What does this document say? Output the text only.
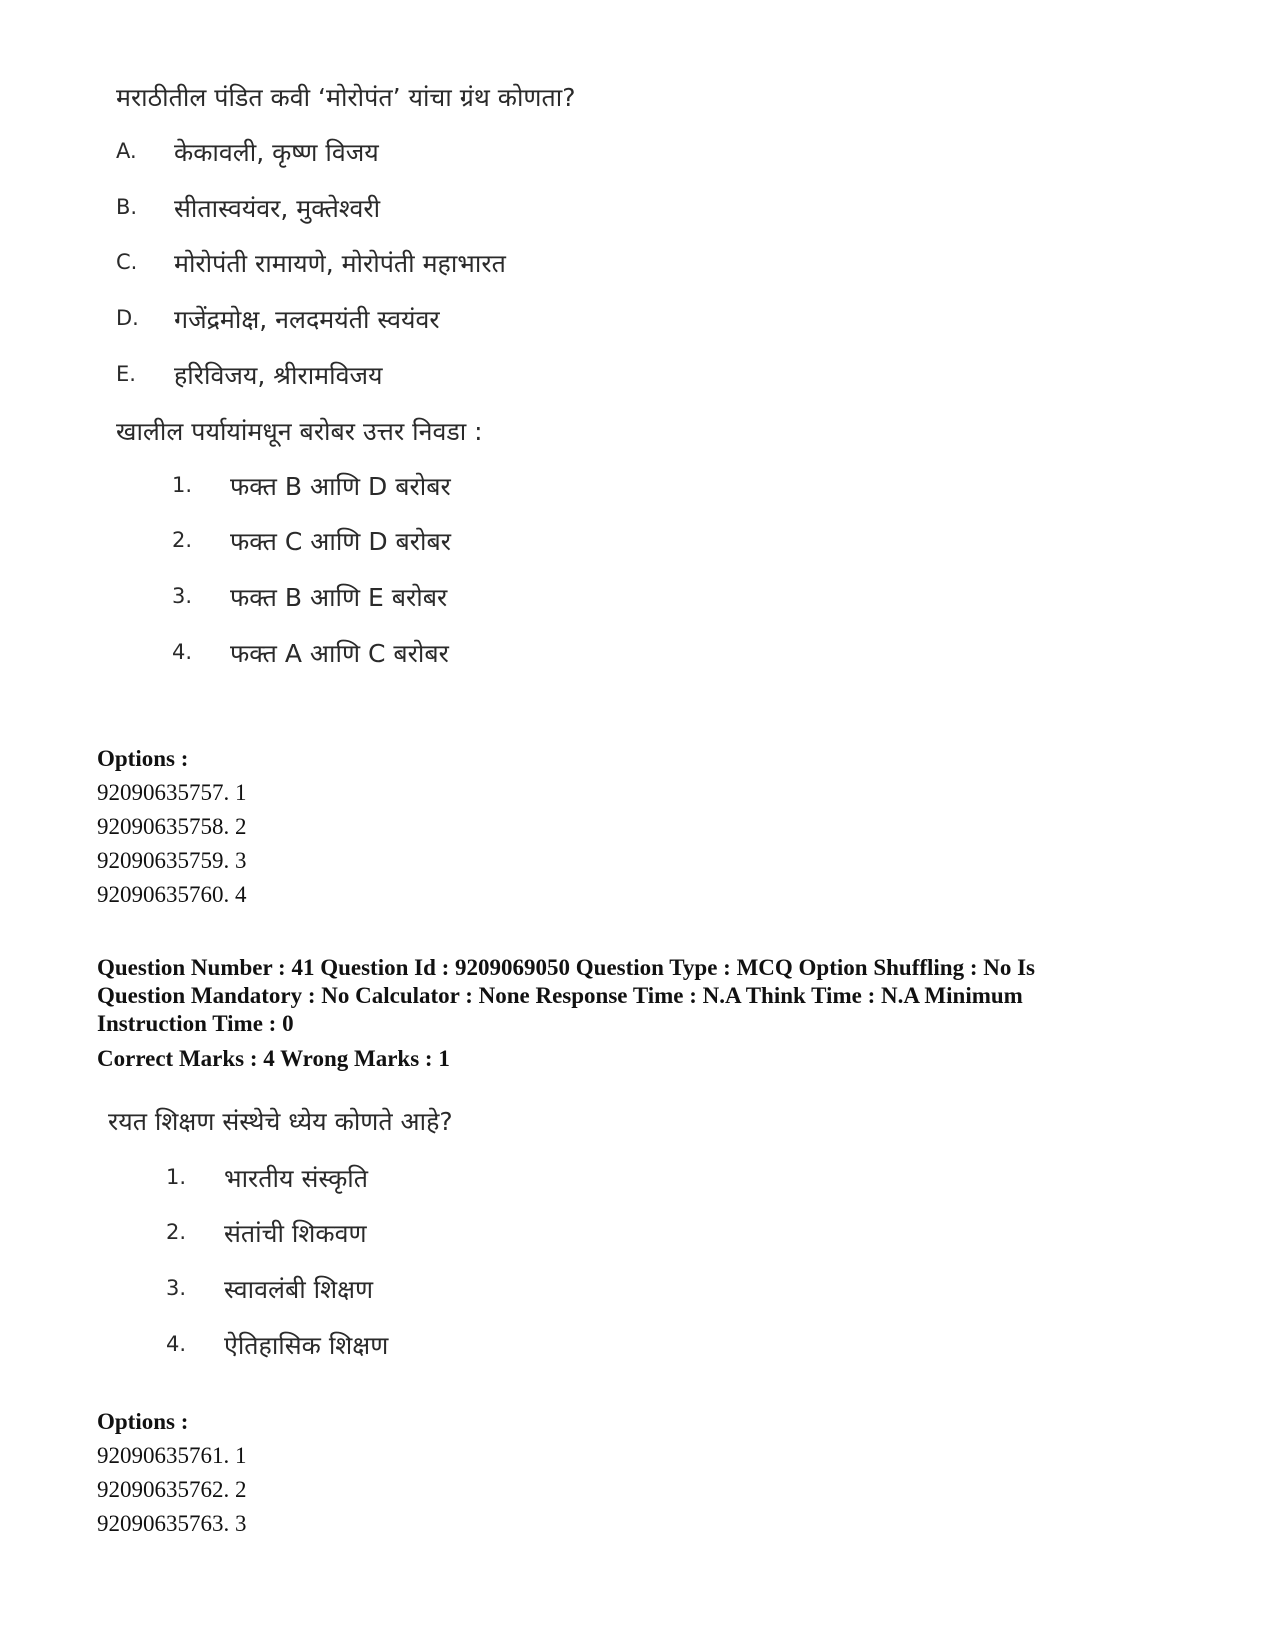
मराठीतील पंडित कवी ‘मोरोपंत’ यांचा ग्रंथ कोणता?
A. केकावली, कृष्ण विजय
B. सीतास्वयंवर, मुक्तेश्वरी
C. मोरोपंती रामायणे, मोरोपंती महाभारत
D. गजेंद्रमोक्ष, नलदमयंती स्वयंवर
E. हरिविजय, श्रीरामविजय
खालील पर्यायांमधून बरोबर उत्तर निवडा :
1. फक्त B आणि D बरोबर
2. फक्त C आणि D बरोबर
3. फक्त B आणि E बरोबर
4. फक्त A आणि C बरोबर
Options :
92090635757. 1
92090635758. 2
92090635759. 3
92090635760. 4
Question Number : 41 Question Id : 9209069050 Question Type : MCQ Option Shuffling : No Is
Question Mandatory : No Calculator : None Response Time : N.A Think Time : N.A Minimum
Instruction Time : 0
Correct Marks : 4 Wrong Marks : 1
रयत शिक्षण संस्थेचे ध्येय कोणते आहे?
1. भारतीय संस्कृति
2. संतांची शिकवण
3. स्वावलंबी शिक्षण
4. ऐतिहासिक शिक्षण
Options :
92090635761. 1
92090635762. 2
92090635763. 3
